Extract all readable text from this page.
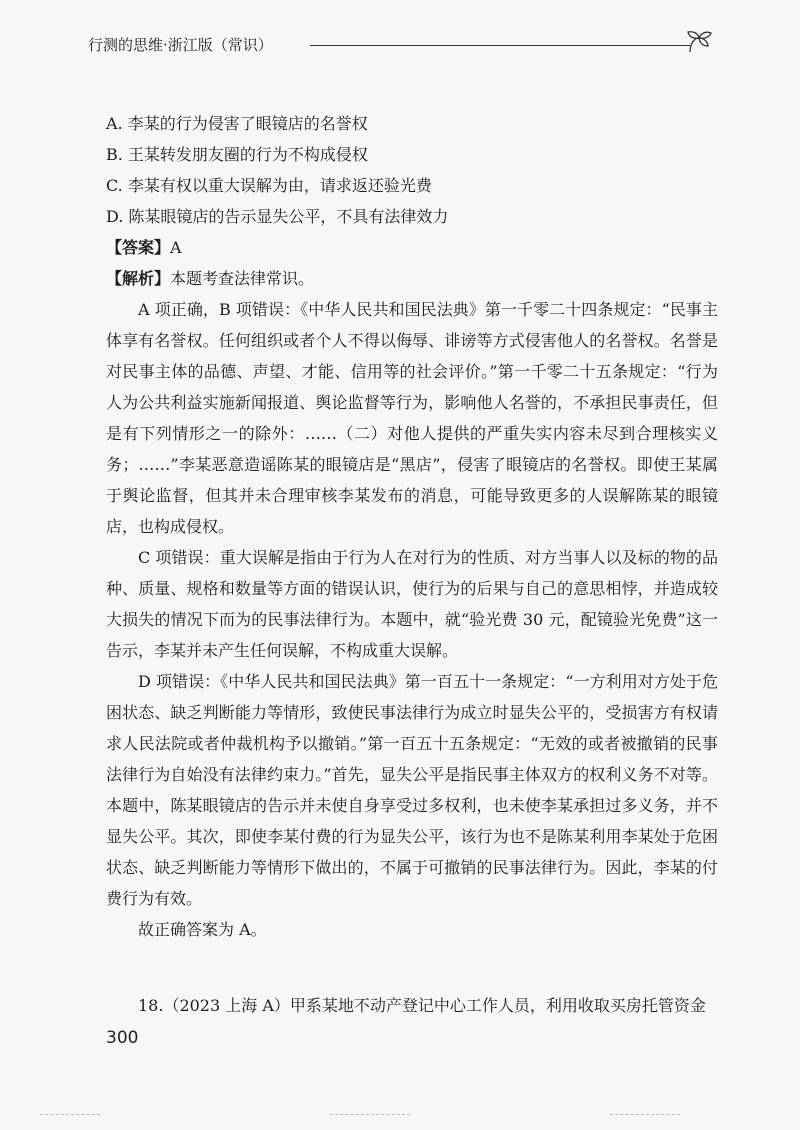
行测的思维·浙江版（常识）

A. 李某的行为侵害了眼镜店的名誉权

B. 王某转发朋友圈的行为不构成侵权

C. 李某有权以重大误解为由，请求返还验光费

D. 陈某眼镜店的告示显失公平，不具有法律效力

【答案】A

【解析】本题考查法律常识。

A 项正确，B 项错误：《中华人民共和国民法典》第一千零二十四条规定：“民事主体享有名誉权。任何组织或者个人不得以侮辱、诽谤等方式侵害他人的名誉权。名誉是对民事主体的品德、声望、才能、信用等的社会评价。”第一千零二十五条规定：“行为人为公共利益实施新闻报道、舆论监督等行为，影响他人名誉的，不承担民事责任，但是有下列情形之一的除外：……（二）对他人提供的严重失实内容未尽到合理核实义务；……”李某恶意造谣陈某的眼镜店是“黑店”，侵害了眼镜店的名誉权。即使王某属于舆论监督，但其并未合理审核李某发布的消息，可能导致更多的人误解陈某的眼镜店，也构成侵权。

C 项错误：重大误解是指由于行为人在对行为的性质、对方当事人以及标的物的品种、质量、规格和数量等方面的错误认识，使行为的后果与自己的意思相悖，并造成较大损失的情况下而为的民事法律行为。本题中，就“验光费 30 元，配镜验光免费”这一告示，李某并未产生任何误解，不构成重大误解。

D 项错误：《中华人民共和国民法典》第一百五十一条规定：“一方利用对方处于危困状态、缺乏判断能力等情形，致使民事法律行为成立时显失公平的，受损害方有权请求人民法院或者仲裁机构予以撤销。”第一百五十五条规定：“无效的或者被撤销的民事法律行为自始没有法律约束力。”首先，显失公平是指民事主体双方的权利义务不对等。本题中，陈某眼镜店的告示并未使自身享受过多权利，也未使李某承担过多义务，并不显失公平。其次，即使李某付费的行为显失公平，该行为也不是陈某利用李某处于危困状态、缺乏判断能力等情形下做出的，不属于可撤销的民事法律行为。因此，李某的付费行为有效。

故正确答案为 A。

18.（2023 上海 A）甲系某地不动产登记中心工作人员，利用收取买房托管资金

300
